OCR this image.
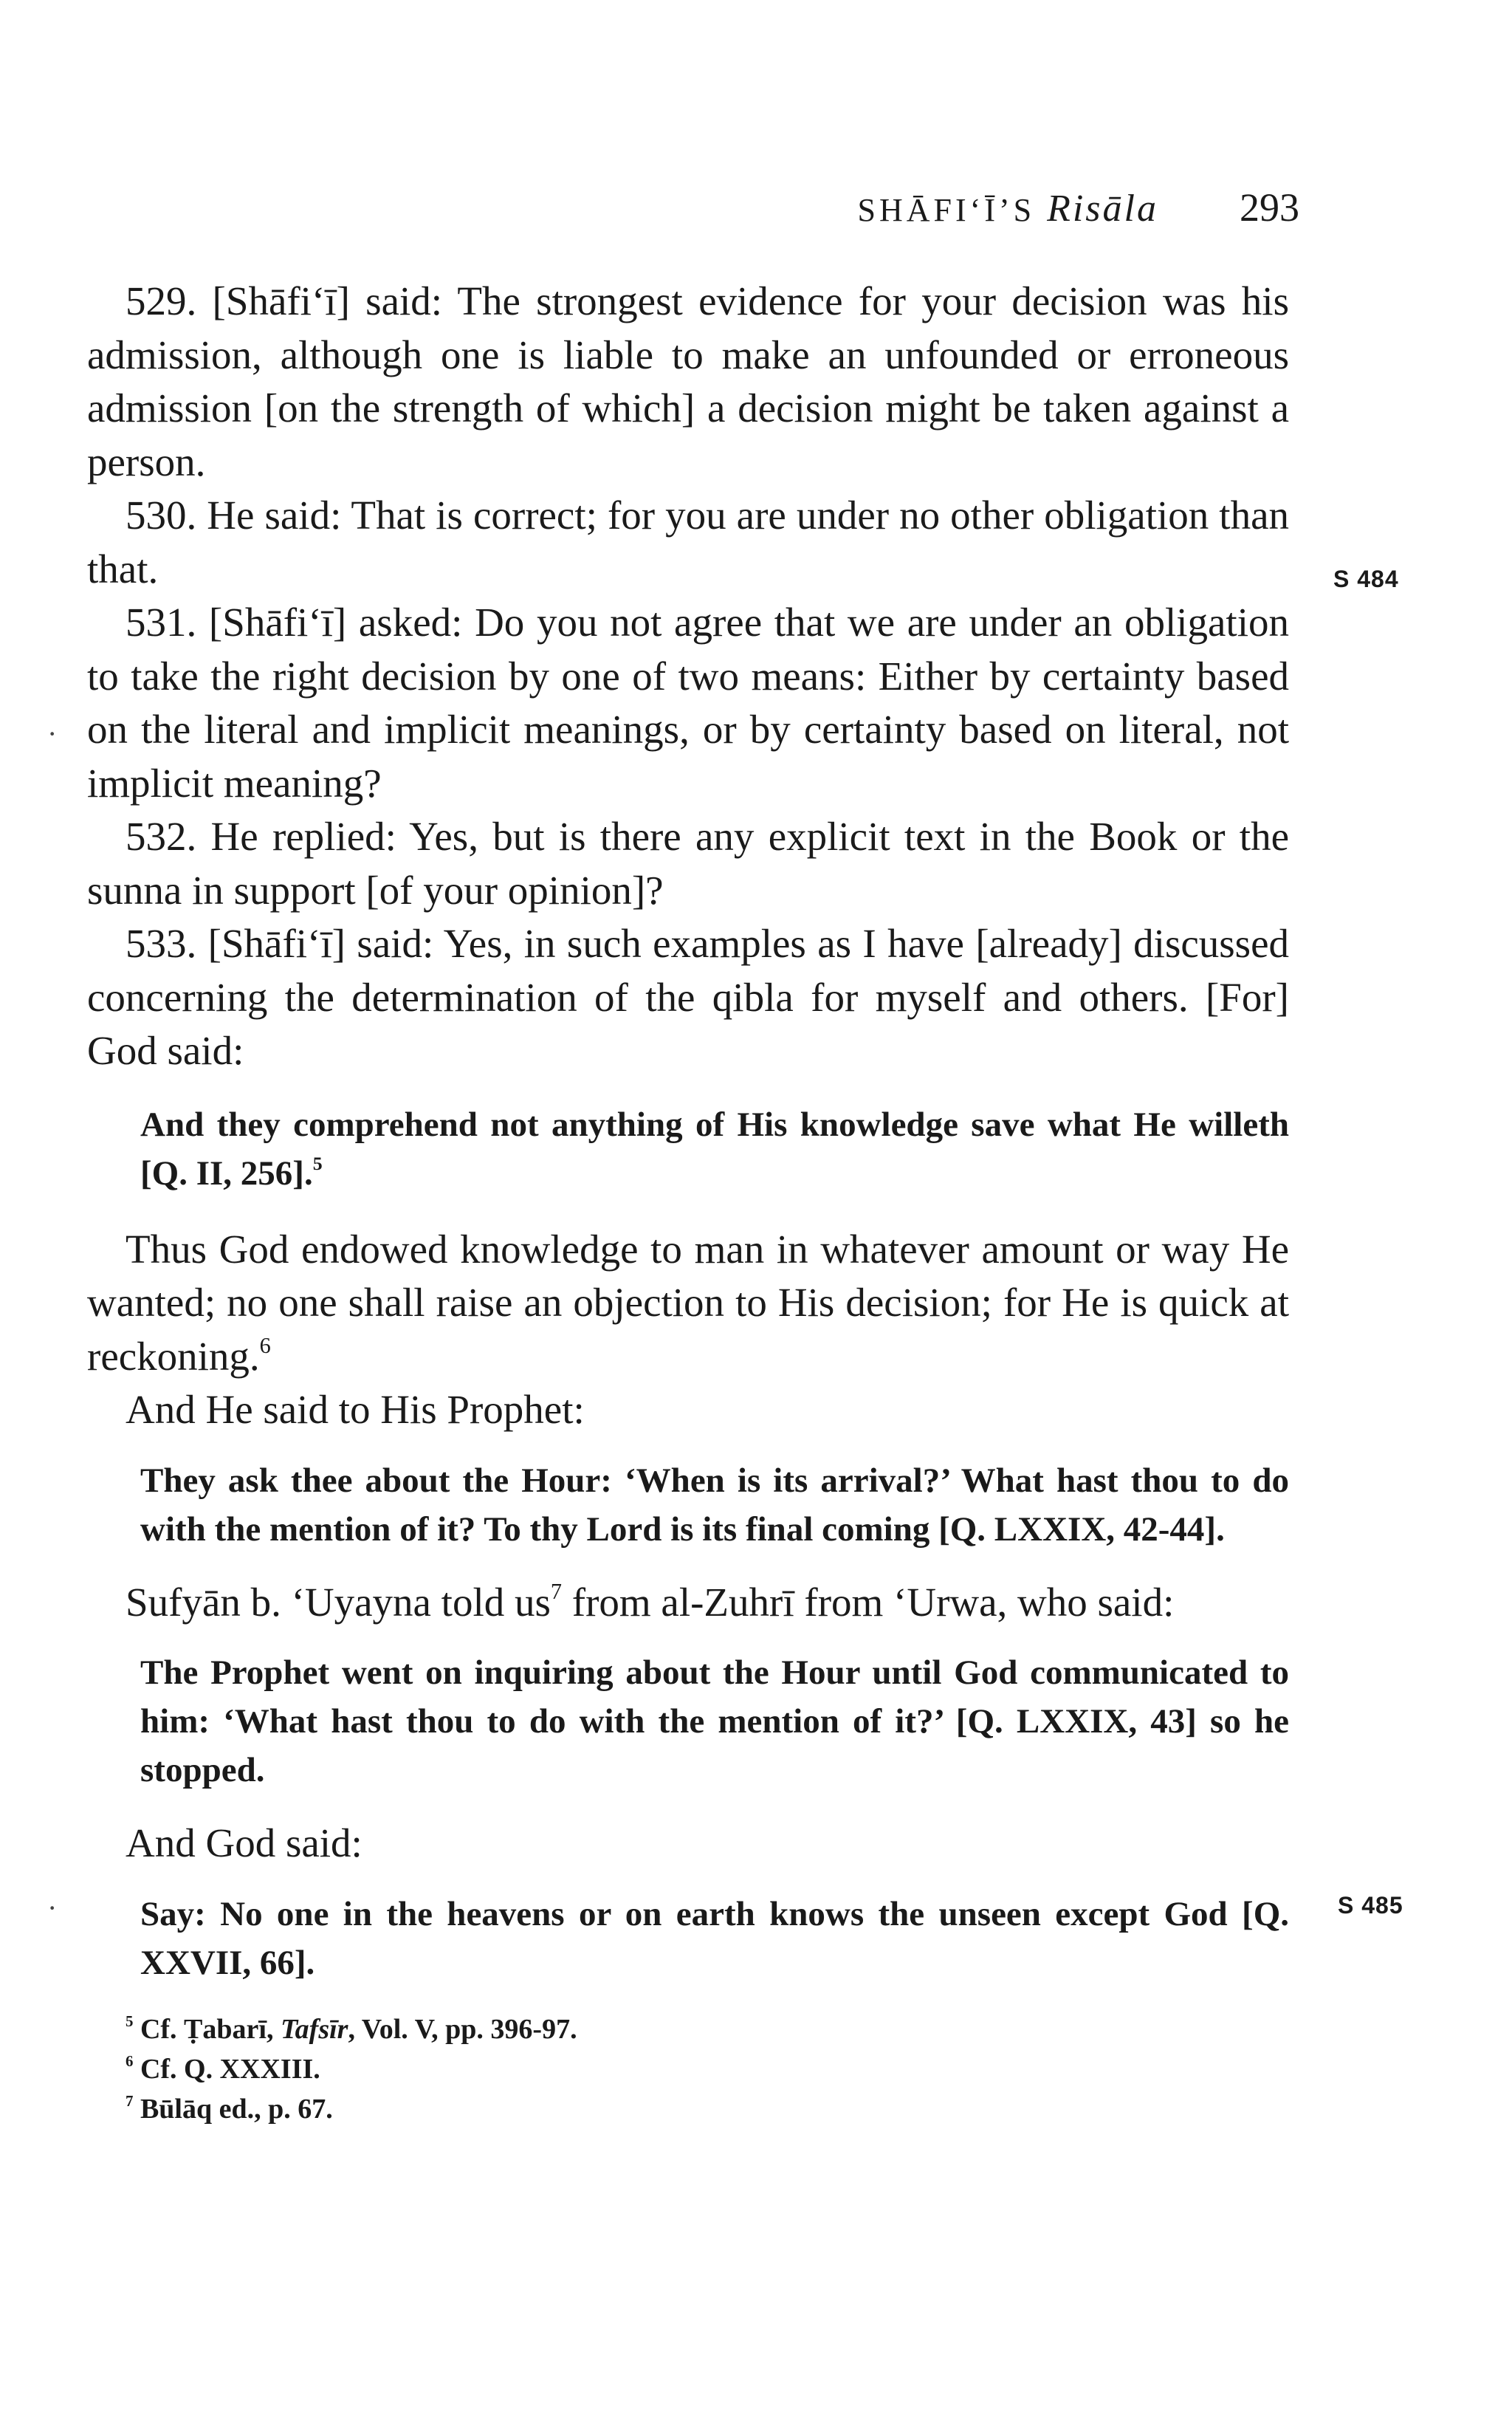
SHĀFI‘Ī’S Risāla 293

529. [Shāfi‘ī] said: The strongest evidence for your decision was his admission, although one is liable to make an unfounded or erroneous admission [on the strength of which] a decision might be taken against a person.

530. He said: That is correct; for you are under no other obligation than that.

531. [Shāfi‘ī] asked: Do you not agree that we are under an obligation to take the right decision by one of two means: Either by certainty based on the literal and implicit meanings, or by certainty based on literal, not implicit meaning?

532. He replied: Yes, but is there any explicit text in the Book or the sunna in support [of your opinion]?

533. [Shāfi‘ī] said: Yes, in such examples as I have [already] discussed concerning the determination of the qibla for myself and others. [For] God said:

And they comprehend not anything of His knowledge save what He willeth [Q. II, 256].$^5$

Thus God endowed knowledge to man in whatever amount or way He wanted; no one shall raise an objection to His decision; for He is quick at reckoning.$^6$

And He said to His Prophet:

They ask thee about the Hour: ‘When is its arrival?’ What hast thou to do with the mention of it? To thy Lord is its final coming [Q. LXXIX, 42-44].

Sufyān b. ‘Uyayna told $us^7$ from al-Zuhrī from ‘Urwa, who said:

The Prophet went on inquiring about the Hour until God communicated to him: ‘What hast thou to do with the mention of it?’ [Q. LXXIX, 43] so he stopped.

And God said:

Say: No one in the heavens or on earth knows the unseen except God [Q. XXVII, 66].
$^5$ Cf. Ṭabarī, Tafsīr, Vol. V, pp. 396-97.
$^6$ Cf. Q. XXXIII.
$^7$ Būlāq ed., p. 67.
S 484
S 485
·
·
